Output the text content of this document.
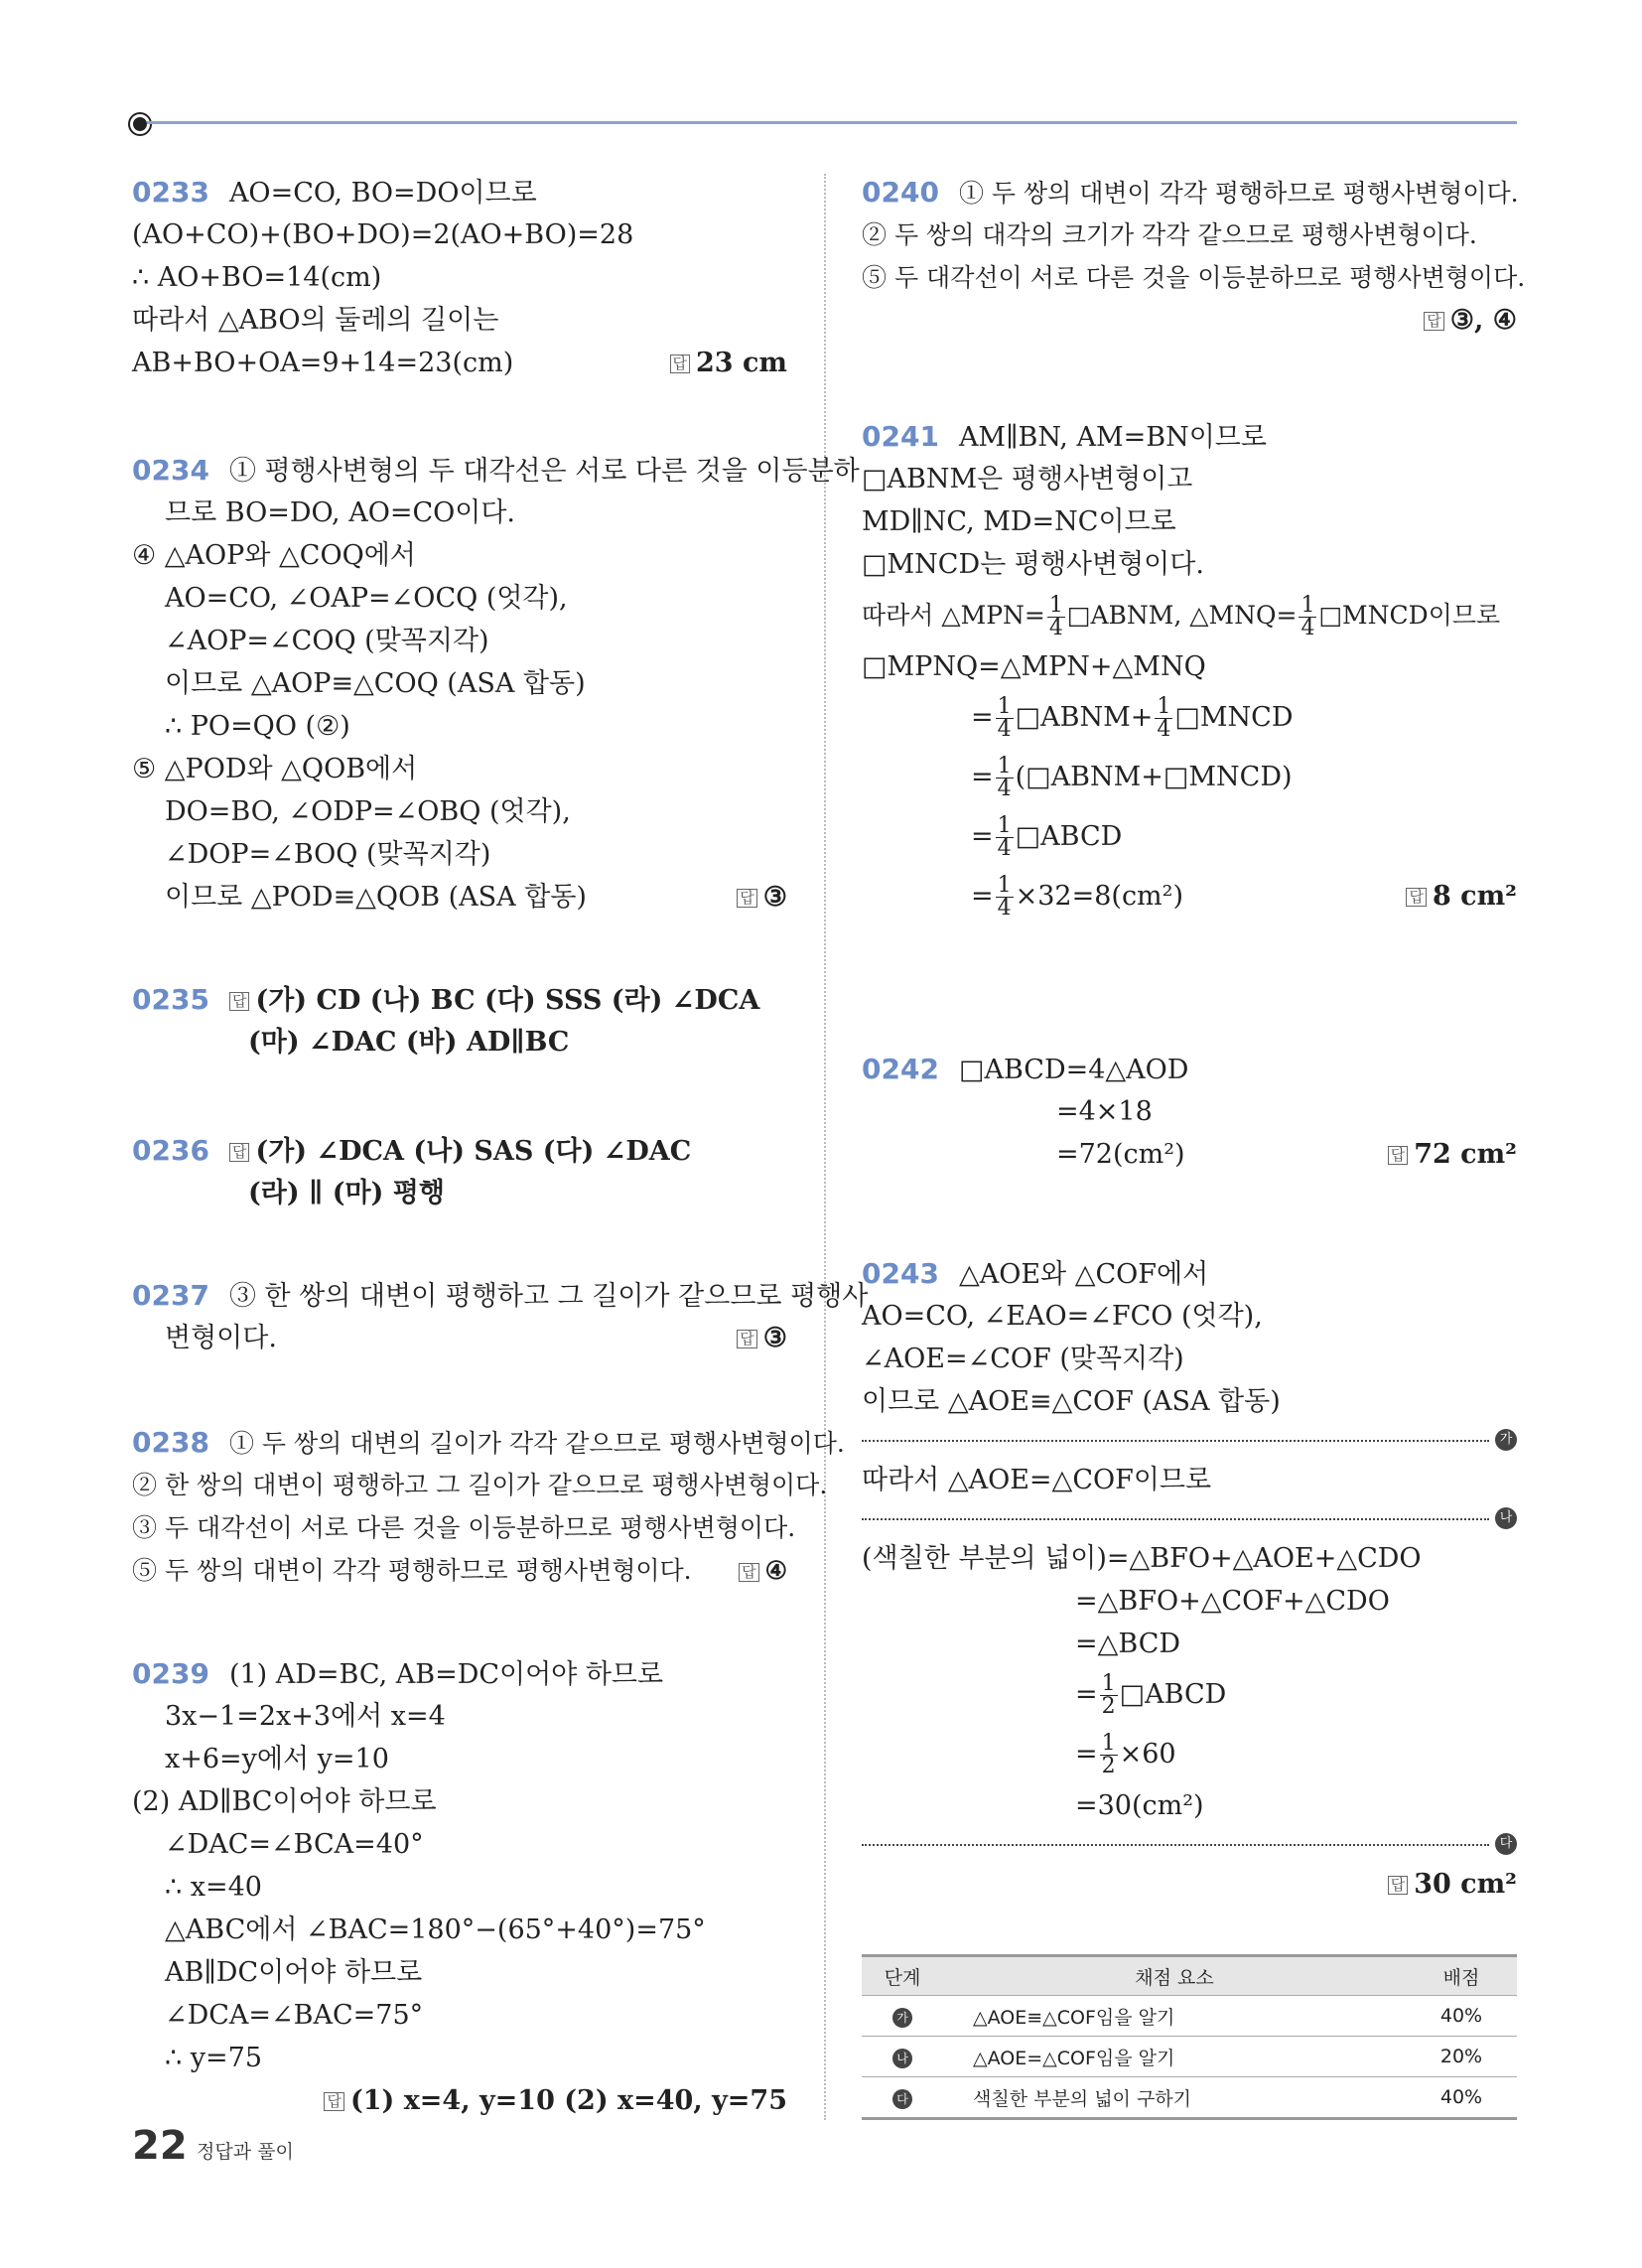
0233 AO=CO, BO=DO이므로
(AO+CO)+(BO+DO)=2(AO+BO)=28
∴ AO+BO=14(cm)
따라서 △ABO의 둘레의 길이는
AB+BO+OA=9+14=23(cm)	답 23 cm
0234 ① 평행사변형의 두 대각선은 서로 다른 것을 이등분하
므로 BO=DO, AO=CO이다.
④ △AOP와 △COQ에서
AO=CO, ∠OAP=∠OCQ (엇각),
∠AOP=∠COQ (맞꼭지각)
이므로 △AOP≡△COQ (ASA 합동)
∴ PO=QO (②)
⑤ △POD와 △QOB에서
DO=BO, ∠ODP=∠OBQ (엇각),
∠DOP=∠BOQ (맞꼭지각)
이므로 △POD≡△QOB (ASA 합동)	답 ③
0235 답 (가) CD (나) BC (다) SSS (라) ∠DCA
(마) ∠DAC (바) AD∥BC
0236 답 (가) ∠DCA (나) SAS (다) ∠DAC
(라) ∥ (마) 평행
0237 ③ 한 쌍의 대변이 평행하고 그 길이가 같으므로 평행사
변형이다.	답 ③
0238 ① 두 쌍의 대변의 길이가 각각 같으므로 평행사변형이다.
② 한 쌍의 대변이 평행하고 그 길이가 같으므로 평행사변형이다.
③ 두 대각선이 서로 다른 것을 이등분하므로 평행사변형이다.
⑤ 두 쌍의 대변이 각각 평행하므로 평행사변형이다.	답 ④
0239 (1) AD=BC, AB=DC이어야 하므로
3x−1=2x+3에서 x=4
x+6=y에서 y=10
(2) AD∥BC이어야 하므로
∠DAC=∠BCA=40°
∴ x=40
△ABC에서 ∠BAC=180°−(65°+40°)=75°
AB∥DC이어야 하므로
∠DCA=∠BAC=75°
∴ y=75
답 (1) x=4, y=10 (2) x=40, y=75
0240 ① 두 쌍의 대변이 각각 평행하므로 평행사변형이다.
② 두 쌍의 대각의 크기가 각각 같으므로 평행사변형이다.
⑤ 두 대각선이 서로 다른 것을 이등분하므로 평행사변형이다.
답 ③, ④
0241 AM∥BN, AM=BN이므로
□ABNM은 평행사변형이고
MD∥NC, MD=NC이므로
□MNCD는 평행사변형이다.
따라서 △MPN= $\frac{1}{4}$ □ABNM, △MNQ= $\frac{1}{4}$ □MNCD이므로
□MPNQ=△MPN+△MNQ
= $\frac{1}{4}$ □ABNM+ $\frac{1}{4}$ □MNCD
= $\frac{1}{4}$ (□ABNM+□MNCD)
= $\frac{1}{4}$ □ABCD
= $\frac{1}{4} \times 32=8(cm^2)$	답 8 cm²
0242 □ABCD=4△AOD
=4×18
=72(cm²)	답 72 cm²
0243 △AOE와 △COF에서
AO=CO, ∠EAO=∠FCO (엇각),
∠AOE=∠COF (맞꼭지각)
이므로 △AOE≡△COF (ASA 합동)
가
따라서 △AOE=△COF이므로
나
(색칠한 부분의 넓이)=△BFO+△AOE+△CDO
=△BFO+△COF+△CDO
=△BCD
= $\frac{1}{2}$ □ABCD
= $\frac{1}{2} \times 60$
=30(cm²)
다
답 30 cm²
단계	채점 요소	배점
가	△AOE≡△COF임을 알기	40%
나	△AOE=△COF임을 알기	20%
다	색칠한 부분의 넓이 구하기	40%
22 정답과 풀이
